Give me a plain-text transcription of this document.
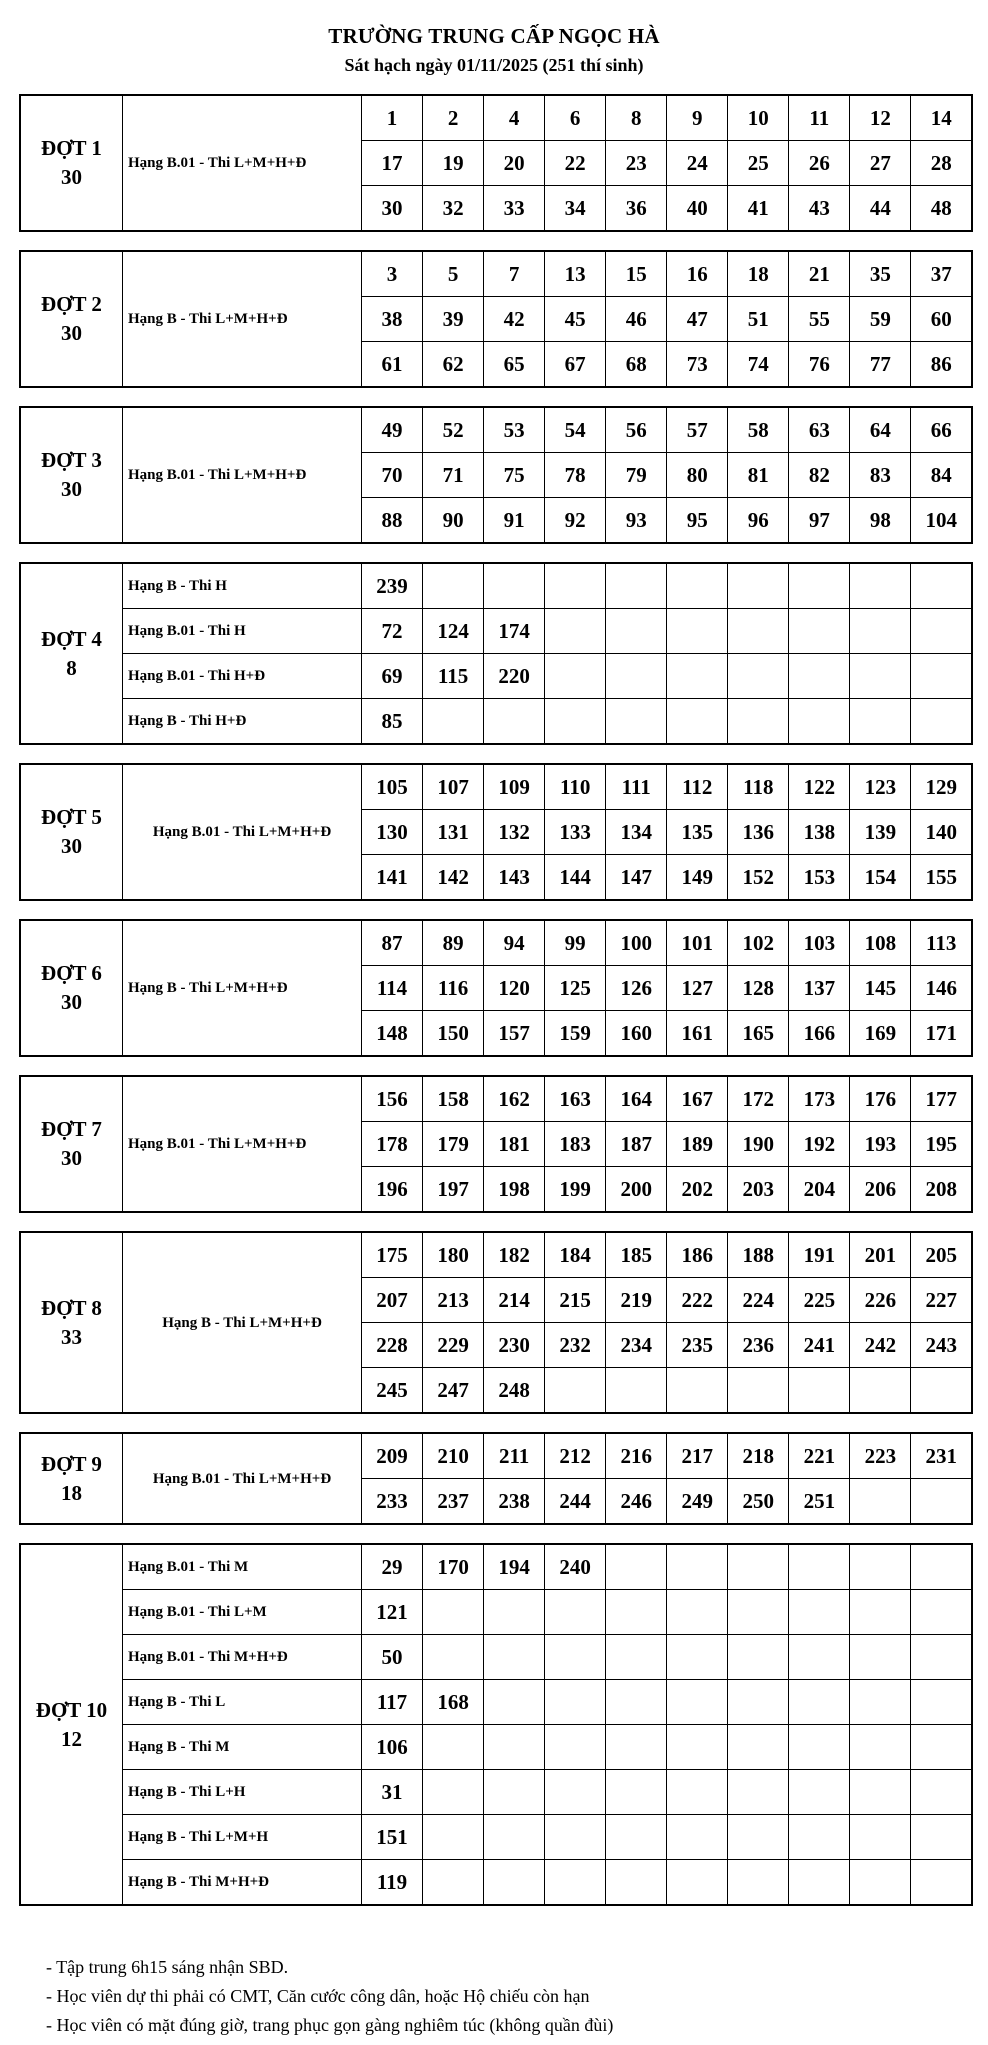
TRƯỜNG TRUNG CẤP NGỌC HÀ
Sát hạch ngày 01/11/2025 (251 thí sinh)
ĐỢT 1
30	Hạng B.01 - Thi L+M+H+Đ	1	2	4	6	8	9	10	11	12	14
		17	19	20	22	23	24	25	26	27	28
		30	32	33	34	36	40	41	43	44	48
ĐỢT 2
30	Hạng B - Thi L+M+H+Đ	3	5	7	13	15	16	18	21	35	37
		38	39	42	45	46	47	51	55	59	60
		61	62	65	67	68	73	74	76	77	86
ĐỢT 3
30	Hạng B.01 - Thi L+M+H+Đ	49	52	53	54	56	57	58	63	64	66
		70	71	75	78	79	80	81	82	83	84
		88	90	91	92	93	95	96	97	98	104
ĐỢT 4
8	Hạng B - Thi H	239									
	Hạng B.01 - Thi H	72	124	174							
	Hạng B.01 - Thi H+Đ	69	115	220							
	Hạng B - Thi H+Đ	85									
ĐỢT 5
30	Hạng B.01 - Thi L+M+H+Đ	105	107	109	110	111	112	118	122	123	129
		130	131	132	133	134	135	136	138	139	140
		141	142	143	144	147	149	152	153	154	155
ĐỢT 6
30	Hạng B - Thi L+M+H+Đ	87	89	94	99	100	101	102	103	108	113
		114	116	120	125	126	127	128	137	145	146
		148	150	157	159	160	161	165	166	169	171
ĐỢT 7
30	Hạng B.01 - Thi L+M+H+Đ	156	158	162	163	164	167	172	173	176	177
		178	179	181	183	187	189	190	192	193	195
		196	197	198	199	200	202	203	204	206	208
ĐỢT 8
33	Hạng B - Thi L+M+H+Đ	175	180	182	184	185	186	188	191	201	205
		207	213	214	215	219	222	224	225	226	227
		228	229	230	232	234	235	236	241	242	243
		245	247	248							
ĐỢT 9
18	Hạng B.01 - Thi L+M+H+Đ	209	210	211	212	216	217	218	221	223	231
		233	237	238	244	246	249	250	251		
ĐỢT 10
12	Hạng B.01 - Thi M	29	170	194	240						
	Hạng B.01 - Thi L+M	121									
	Hạng B.01 - Thi M+H+Đ	50									
	Hạng B - Thi L	117	168								
	Hạng B - Thi M	106									
	Hạng B - Thi L+H	31									
	Hạng B - Thi L+M+H	151									
	Hạng B - Thi M+H+Đ	119									
- Tập trung 6h15 sáng nhận SBD.
- Học viên dự thi phải có CMT, Căn cước công dân, hoặc Hộ chiếu còn hạn
- Học viên có mặt đúng giờ, trang phục gọn gàng nghiêm túc (không quần đùi)
